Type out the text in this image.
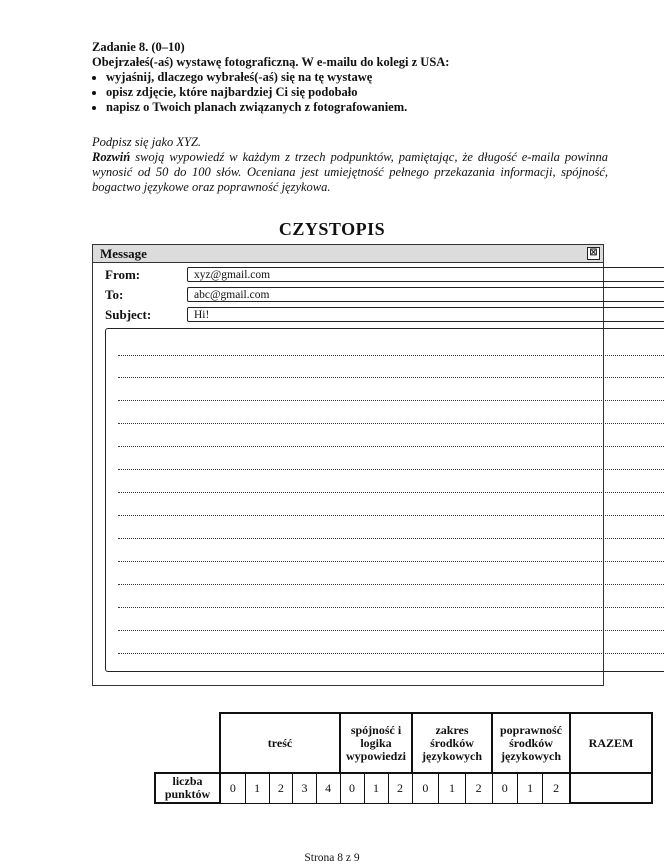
Zadanie 8. (0–10)
Obejrzałeś(-aś) wystawę fotograficzną. W e-mailu do kolegi z USA:
• wyjaśnij, dlaczego wybrałeś(-aś) się na tę wystawę
• opisz zdjęcie, które najbardziej Ci się podobało
• napisz o Twoich planach związanych z fotografowaniem.
Podpisz się jako XYZ.
Rozwiń swoją wypowiedź w każdym z trzech podpunktów, pamiętając, że długość e-maila powinna wynosić od 50 do 100 słów. Oceniana jest umiejętność pełnego przekazania informacji, spójność, bogactwo językowe oraz poprawność językowa.
CZYSTOPIS
Message	⊠
From:	xyz@gmail.com
To:	abc@gmail.com
Subject:	Hi!
	treść					spójność i logika wypowiedzi			zakres środków językowych			poprawność środków językowych			RAZEM
liczba punktów	0	1	2	3	4	0	1	2	0	1	2	0	1	2	
Strona 8 z 9
